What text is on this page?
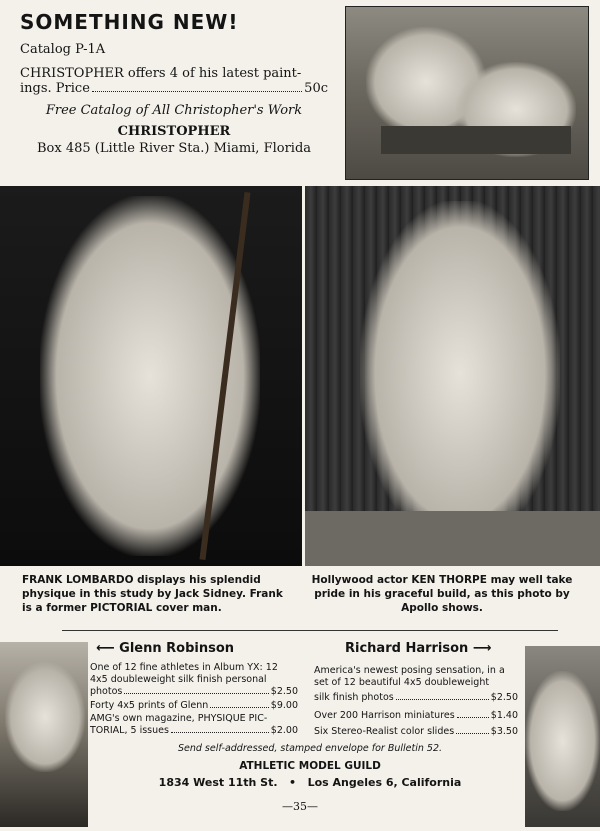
SOMETHING NEW!
Catalog P-1A
CHRISTOPHER offers 4 of his latest paint-
ings. Price	50c
Free Catalog of All Christopher's Work
CHRISTOPHER
Box 485 (Little River Sta.) Miami, Florida
FRANK LOMBARDO displays his splendid physique in this study by Jack Sidney. Frank is a former PICTORIAL cover man.
Hollywood actor KEN THORPE may well take pride in his graceful build, as this photo by Apollo shows.
⟵ Glenn Robinson
One of 12 fine athletes in Album YX: 12 4x5 doubleweight silk finish personal
photos	$2.50
Forty 4x5 prints of Glenn	$9.00
AMG's own magazine, PHYSIQUE PIC-
TORIAL, 5 issues	$2.00
Richard Harrison ⟶
America's newest posing sensation, in a set of 12 beautiful 4x5 doubleweight
silk finish photos	$2.50
Over 200 Harrison miniatures	$1.40
Six Stereo-Realist color slides	$3.50
Send self-addressed, stamped envelope for Bulletin 52.
ATHLETIC MODEL GUILD
1834 West 11th St.   •   Los Angeles 6, California
—35—
